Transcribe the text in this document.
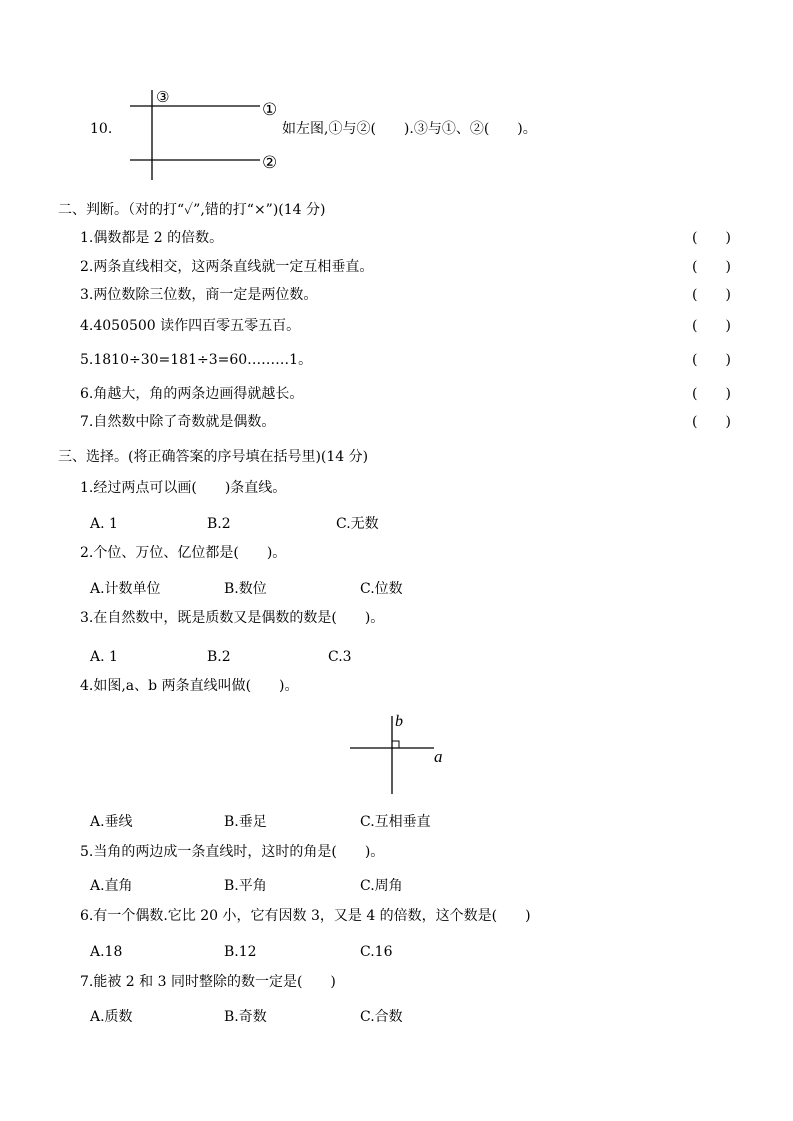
10.
③
①
②
如左图,①与②(　　).③与①、②(　　)。
二、判断。（对的打“✓”,错的打“×”)(14 分)
1.偶数都是 2 的倍数。	(　　)
2.两条直线相交，这两条直线就一定互相垂直。	(　　)
3.两位数除三位数，商一定是两位数。	(　　)
4.4050500 读作四百零五零五百。	(　　)
5.1810÷30=181÷3=60………1。	(　　)
6.角越大，角的两条边画得就越长。	(　　)
7.自然数中除了奇数就是偶数。	(　　)
三、选择。(将正确答案的序号填在括号里)(14 分)
1.经过两点可以画(　　)条直线。
A. 1	B.2	C.无数
2.个位、万位、亿位都是(　　)。
A.计数单位	B.数位	C.位数
3.在自然数中，既是质数又是偶数的数是(　　)。
A. 1	B.2	C.3
4.如图,a、b 两条直线叫做(　　)。
b
a
A.垂线	B.垂足	C.互相垂直
5.当角的两边成一条直线时，这时的角是(　　)。
A.直角	B.平角	C.周角
6.有一个偶数.它比 20 小，它有因数 3，又是 4 的倍数，这个数是(　　)
A.18	B.12	C.16
7.能被 2 和 3 同时整除的数一定是(　　)
A.质数	B.奇数	C.合数
